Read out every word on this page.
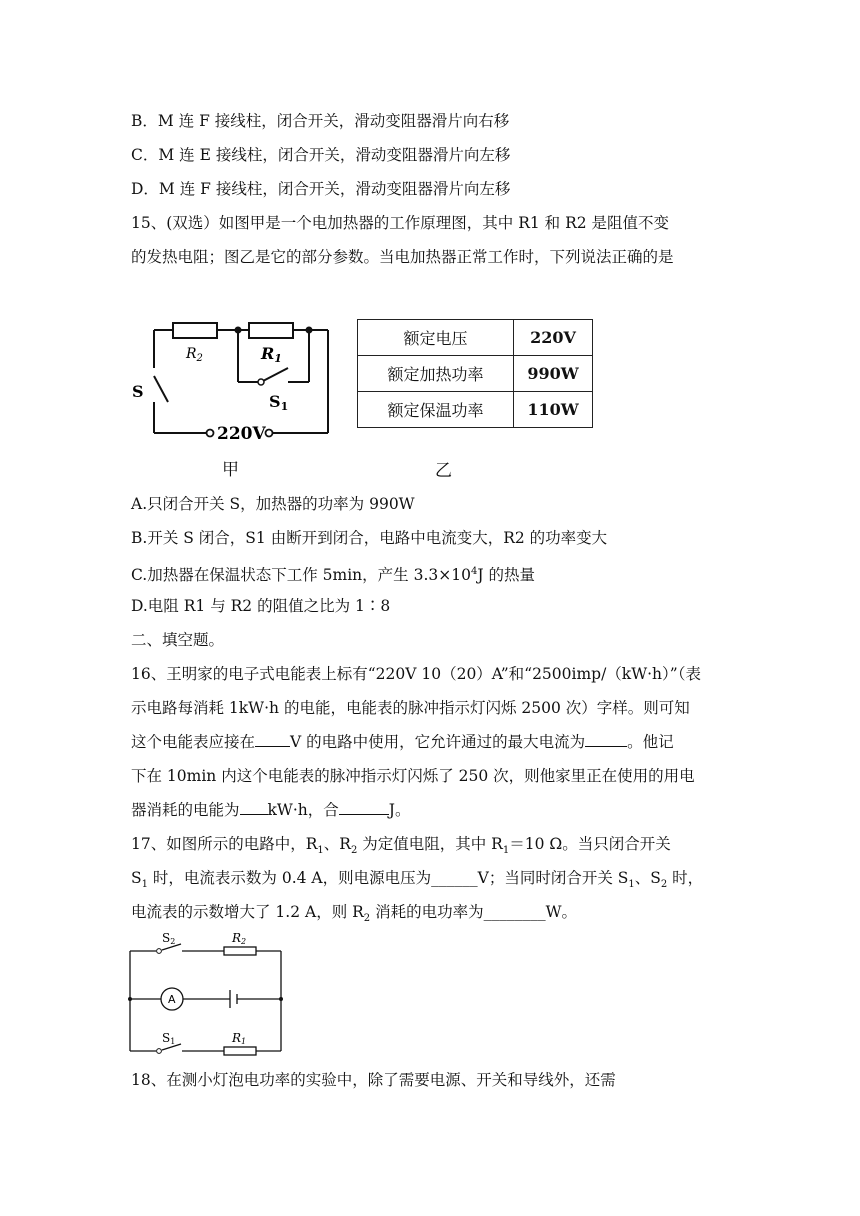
B．M 连 F 接线柱，闭合开关，滑动变阻器滑片向右移
C．M 连 E 接线柱，闭合开关，滑动变阻器滑片向左移
D．M 连 F 接线柱，闭合开关，滑动变阻器滑片向左移
15、(双选）如图甲是一个电加热器的工作原理图，其中 R1 和 R2 是阻值不变
的发热电阻；图乙是它的部分参数。当电加热器正常工作时，下列说法正确的是
$R_2$	R1
S
S1
220V
甲
额定电压	220V
额定加热功率	990W
额定保温功率	110W
乙
A.只闭合开关 S，加热器的功率为 990W
B.开关 S 闭合，S1 由断开到闭合，电路中电流变大，R2 的功率变大
C.加热器在保温状态下工作 5min，产生 $3.3\times 10^4J$ 的热量
D.电阻 R1 与 R2 的阻值之比为 1∶8
二、填空题。
16、王明家的电子式电能表上标有“220V 10（20）A”和“2500imp/（kW·h）”（表
示电路每消耗 1kW·h 的电能，电能表的脉冲指示灯闪烁 2500 次）字样。则可知
这个电能表应接在 V 的电路中使用，它允许通过的最大电流为	。他记
下在 10min 内这个电能表的脉冲指示灯闪烁了 250 次，则他家里正在使用的用电
器消耗的电能为 kW·h，合	J。
17、如图所示的电路中，$R_1$、$R_2$ 为定值电阻，其中 $R_1=10$ Ω。当只闭合开关
$S_1$ 时，电流表示数为 0.4 A，则电源电压为______V；当同时闭合开关 $S_1$、$S_2$ 时，
电流表的示数增大了 1.2 A，则 $R_2$ 消耗的电功率为________W。
S2	R2
A
S1	R1
18、在测小灯泡电功率的实验中，除了需要电源、开关和导线外，还需
